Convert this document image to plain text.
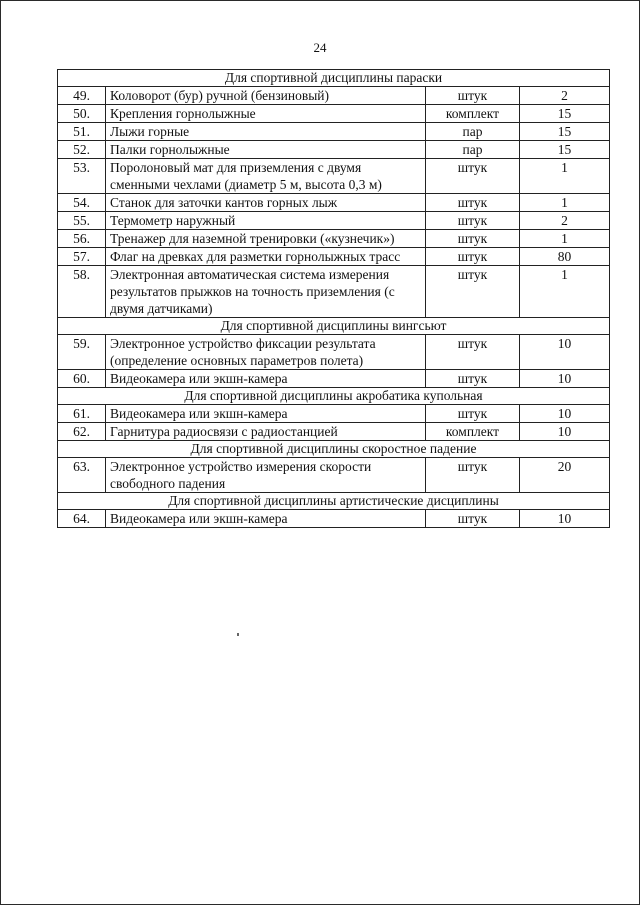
24
Для спортивной дисциплины параски			
49.	Коловорот (бур) ручной (бензиновый)	штук	2
50.	Крепления горнолыжные	комплект	15
51.	Лыжи горные	пар	15
52.	Палки горнолыжные	пар	15
53.	Поролоновый мат для приземления с двумя сменными чехлами (диаметр 5 м, высота 0,3 м)	штук	1
54.	Станок для заточки кантов горных лыж	штук	1
55.	Термометр наружный	штук	2
56.	Тренажер для наземной тренировки («кузнечик»)	штук	1
57.	Флаг на древках для разметки горнолыжных трасс	штук	80
58.	Электронная автоматическая система измерения результатов прыжков на точность приземления (с двумя датчиками)	штук	1
Для спортивной дисциплины вингсьют			
59.	Электронное устройство фиксации результата (определение основных параметров полета)	штук	10
60.	Видеокамера или экшн-камера	штук	10
Для спортивной дисциплины акробатика купольная			
61.	Видеокамера или экшн-камера	штук	10
62.	Гарнитура радиосвязи с радиостанцией	комплект	10
Для спортивной дисциплины скоростное падение			
63.	Электронное устройство измерения скорости свободного падения	штук	20
Для спортивной дисциплины артистические дисциплины			
64.	Видеокамера или экшн-камера	штук	10
